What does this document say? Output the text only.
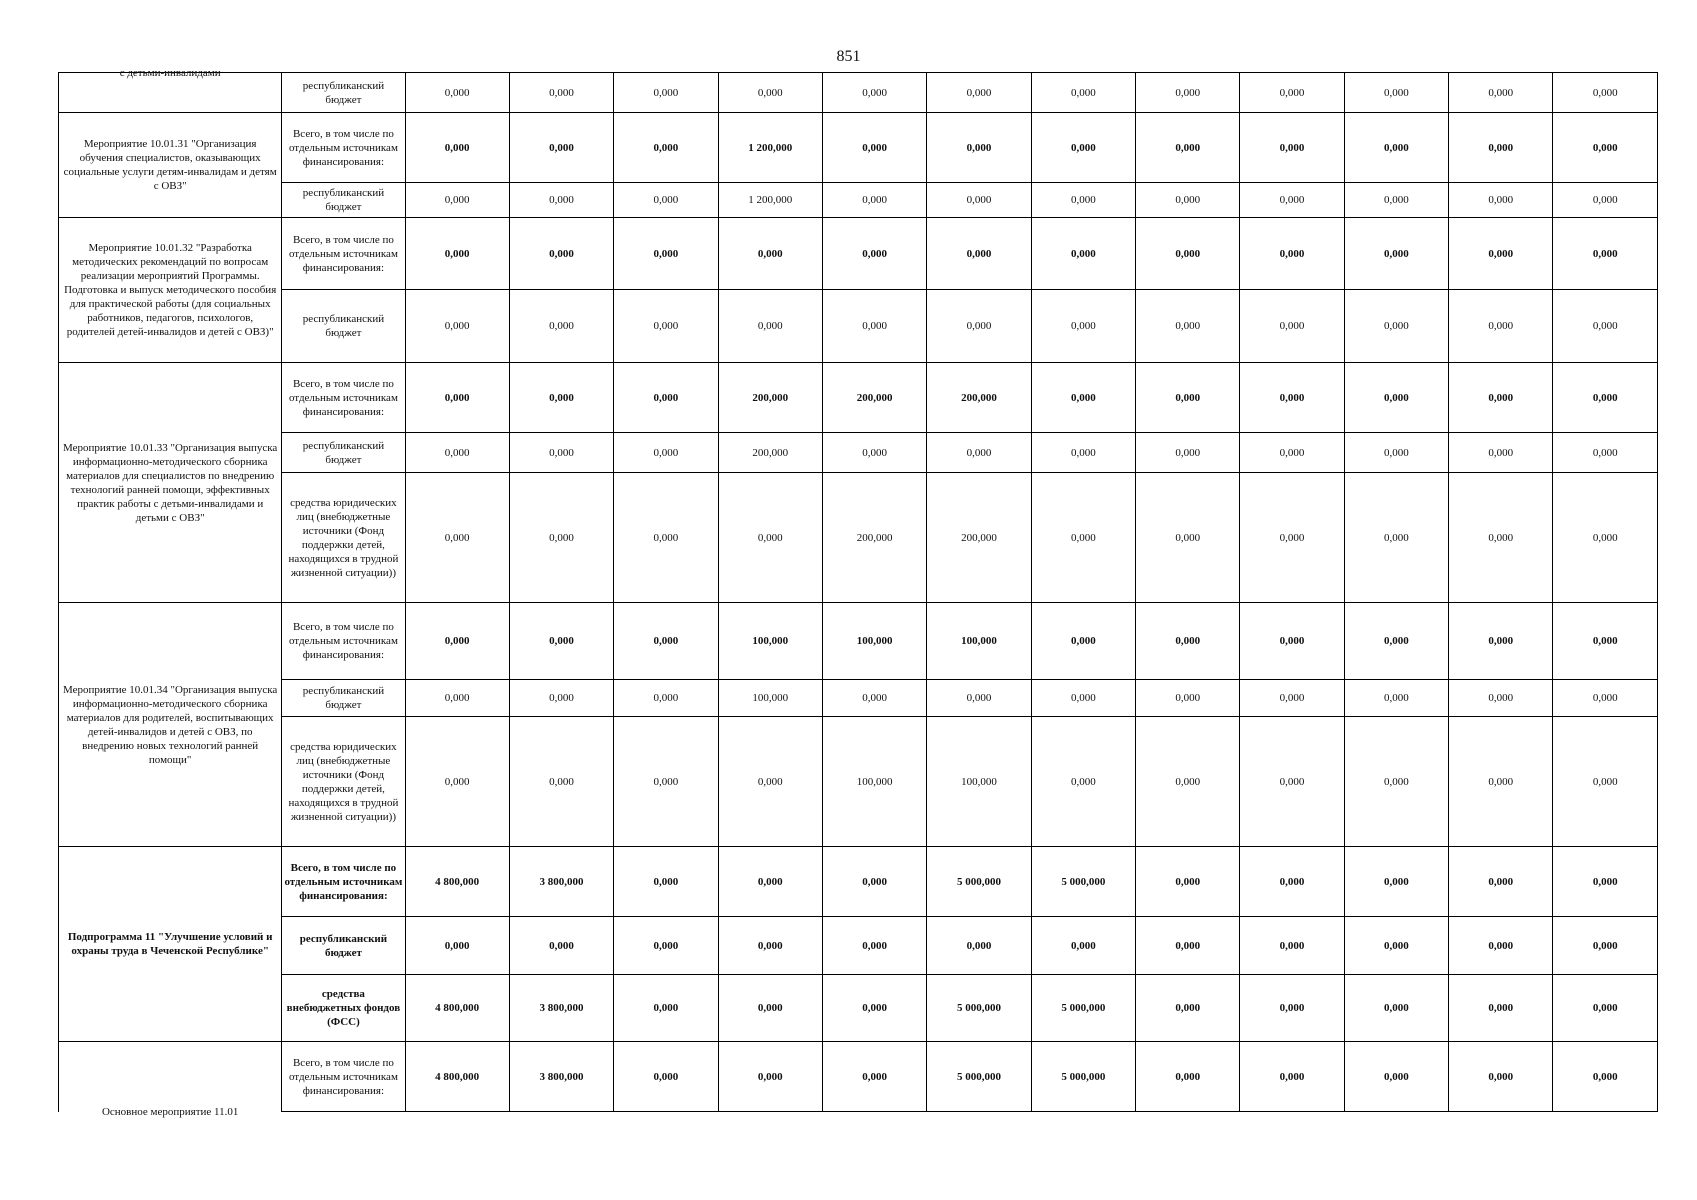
851
с детьми-инвалидами	республиканский бюджет	0,000	0,000	0,000	0,000	0,000	0,000	0,000	0,000	0,000	0,000	0,000	0,000
Мероприятие 10.01.31 "Организация обучения специалистов, оказывающих социальные услуги детям-инвалидам и детям с ОВЗ"	Всего, в том числе по отдельным источникам финансирования:	0,000	0,000	0,000	1 200,000	0,000	0,000	0,000	0,000	0,000	0,000	0,000	0,000
	республиканский бюджет	0,000	0,000	0,000	1 200,000	0,000	0,000	0,000	0,000	0,000	0,000	0,000	0,000
Мероприятие 10.01.32 "Разработка методических рекомендаций по вопросам реализации мероприятий Программы. Подготовка и выпуск методического пособия для практической работы (для социальных работников, педагогов, психологов, родителей детей-инвалидов и детей с ОВЗ)"	Всего, в том числе по отдельным источникам финансирования:	0,000	0,000	0,000	0,000	0,000	0,000	0,000	0,000	0,000	0,000	0,000	0,000
	республиканский бюджет	0,000	0,000	0,000	0,000	0,000	0,000	0,000	0,000	0,000	0,000	0,000	0,000
Мероприятие 10.01.33 "Организация выпуска информационно-методического сборника материалов для специалистов по внедрению технологий ранней помощи, эффективных практик работы с детьми-инвалидами и детьми с ОВЗ"	Всего, в том числе по отдельным источникам финансирования:	0,000	0,000	0,000	200,000	200,000	200,000	0,000	0,000	0,000	0,000	0,000	0,000
	республиканский бюджет	0,000	0,000	0,000	200,000	0,000	0,000	0,000	0,000	0,000	0,000	0,000	0,000
	средства юридических лиц (внебюджетные источники (Фонд поддержки детей, находящихся в трудной жизненной ситуации))	0,000	0,000	0,000	0,000	200,000	200,000	0,000	0,000	0,000	0,000	0,000	0,000
Мероприятие 10.01.34 "Организация выпуска информационно-методического сборника материалов для родителей, воспитывающих детей-инвалидов и детей с ОВЗ, по внедрению новых технологий ранней помощи"	Всего, в том числе по отдельным источникам финансирования:	0,000	0,000	0,000	100,000	100,000	100,000	0,000	0,000	0,000	0,000	0,000	0,000
	республиканский бюджет	0,000	0,000	0,000	100,000	0,000	0,000	0,000	0,000	0,000	0,000	0,000	0,000
	средства юридических лиц (внебюджетные источники (Фонд поддержки детей, находящихся в трудной жизненной ситуации))	0,000	0,000	0,000	0,000	100,000	100,000	0,000	0,000	0,000	0,000	0,000	0,000
Подпрограмма 11 "Улучшение условий и охраны труда в Чеченской Республике"	Всего, в том числе по отдельным источникам финансирования:	4 800,000	3 800,000	0,000	0,000	0,000	5 000,000	5 000,000	0,000	0,000	0,000	0,000	0,000
	республиканский бюджет	0,000	0,000	0,000	0,000	0,000	0,000	0,000	0,000	0,000	0,000	0,000	0,000
	средства внебюджетных фондов (ФСС)	4 800,000	3 800,000	0,000	0,000	0,000	5 000,000	5 000,000	0,000	0,000	0,000	0,000	0,000

Основное мероприятие 11.01	Всего, в том числе по отдельным источникам финансирования:	4 800,000	3 800,000	0,000	0,000	0,000	5 000,000	5 000,000	0,000	0,000	0,000	0,000	0,000
